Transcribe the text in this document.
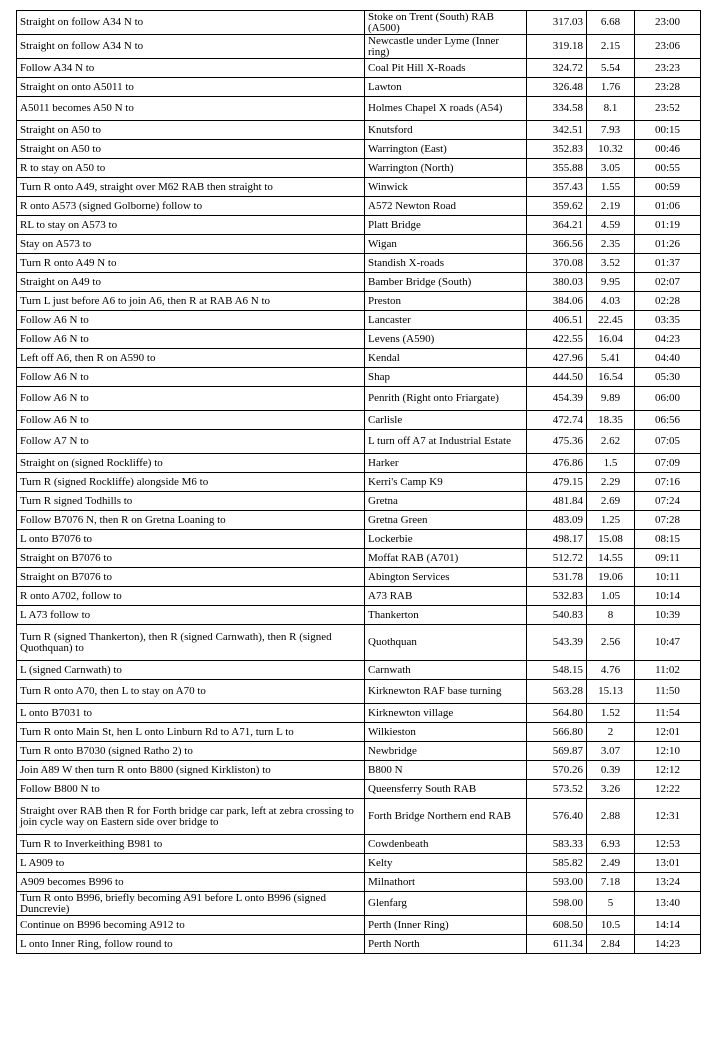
Straight on follow A34 N to	Stoke on Trent (South) RAB (A500)	317.03	6.68	23:00
Straight on follow A34 N to	Newcastle under Lyme (Inner ring)	319.18	2.15	23:06
Follow A34 N to	Coal Pit Hill X-Roads	324.72	5.54	23:23
Straight on onto A5011 to	Lawton	326.48	1.76	23:28
A5011 becomes A50 N to	Holmes Chapel X roads (A54)	334.58	8.1	23:52
Straight on A50 to	Knutsford	342.51	7.93	00:15
Straight on A50 to	Warrington (East)	352.83	10.32	00:46
R to stay on A50 to	Warrington (North)	355.88	3.05	00:55
Turn R onto A49, straight over M62 RAB then straight to	Winwick	357.43	1.55	00:59
R onto A573 (signed Golborne) follow to	A572 Newton Road	359.62	2.19	01:06
RL to stay on A573 to	Platt Bridge	364.21	4.59	01:19
Stay on A573 to	Wigan	366.56	2.35	01:26
Turn R onto A49 N to	Standish X-roads	370.08	3.52	01:37
Straight on A49 to	Bamber Bridge (South)	380.03	9.95	02:07
Turn L just before A6 to join A6, then R at RAB A6 N to	Preston	384.06	4.03	02:28
Follow A6 N to	Lancaster	406.51	22.45	03:35
Follow A6 N to	Levens (A590)	422.55	16.04	04:23
Left off A6, then R on A590 to	Kendal	427.96	5.41	04:40
Follow A6 N to	Shap	444.50	16.54	05:30
Follow A6 N to	Penrith (Right onto Friargate)	454.39	9.89	06:00
Follow A6 N to	Carlisle	472.74	18.35	06:56
Follow A7 N to	L turn off A7 at Industrial Estate	475.36	2.62	07:05
Straight on (signed Rockliffe) to	Harker	476.86	1.5	07:09
Turn R (signed Rockliffe) alongside M6 to	Kerri's Camp K9	479.15	2.29	07:16
Turn R signed Todhills to	Gretna	481.84	2.69	07:24
Follow B7076 N, then R on Gretna Loaning to	Gretna Green	483.09	1.25	07:28
L onto B7076 to	Lockerbie	498.17	15.08	08:15
Straight on B7076 to	Moffat RAB (A701)	512.72	14.55	09:11
Straight on B7076 to	Abington Services	531.78	19.06	10:11
R onto A702, follow to	A73 RAB	532.83	1.05	10:14
L A73 follow to	Thankerton	540.83	8	10:39
Turn R (signed Thankerton), then R (signed Carnwath), then R (signed Quothquan) to	Quothquan	543.39	2.56	10:47
L (signed Carnwath) to	Carnwath	548.15	4.76	11:02
Turn R onto A70, then L to stay on A70 to	Kirknewton RAF base turning	563.28	15.13	11:50
L onto B7031 to	Kirknewton village	564.80	1.52	11:54
Turn R onto Main St, hen L onto Linburn Rd to A71, turn L to	Wilkieston	566.80	2	12:01
Turn R onto B7030 (signed Ratho 2) to	Newbridge	569.87	3.07	12:10
Join A89 W then turn R onto B800 (signed Kirkliston) to	B800 N	570.26	0.39	12:12
Follow B800 N to	Queensferry South RAB	573.52	3.26	12:22
Straight over RAB then R for Forth bridge car park, left at zebra crossing to join cycle way on Eastern side over bridge to	Forth Bridge Northern end RAB	576.40	2.88	12:31
Turn R to Inverkeithing B981 to	Cowdenbeath	583.33	6.93	12:53
L A909 to	Kelty	585.82	2.49	13:01
A909 becomes B996 to	Milnathort	593.00	7.18	13:24
Turn R onto B996, briefly becoming A91 before L onto B996 (signed Duncrevie)	Glenfarg	598.00	5	13:40
Continue on B996 becoming A912 to	Perth (Inner Ring)	608.50	10.5	14:14
L onto Inner Ring, follow round to	Perth North	611.34	2.84	14:23
